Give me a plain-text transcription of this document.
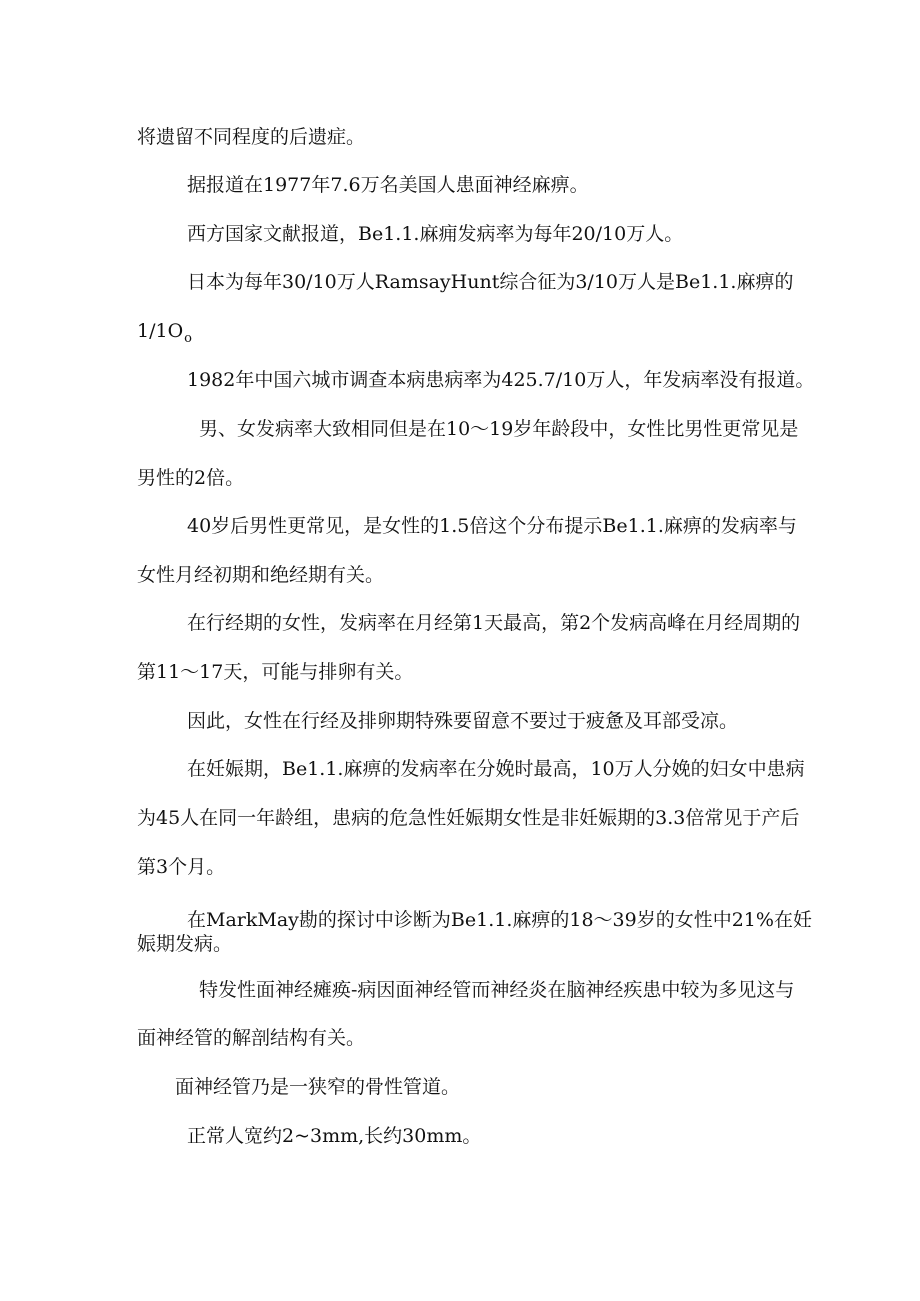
将遗留不同程度的后遗症。
据报道在1977年7.6万名美国人患面神经麻痹。
西方国家文献报道，Be1.1.麻痈发病率为每年20/10万人。
日本为每年30/10万人RamsayHunt综合征为3/10万人是Be1.1.麻痹的
$1/1O_o$
1982年中国六城市调查本病患病率为425.7/10万人，年发病率没有报道。
男、女发病率大致相同但是在10～19岁年龄段中，女性比男性更常见是
男性的2倍。
40岁后男性更常见，是女性的1.5倍这个分布提示Be1.1.麻痹的发病率与
女性月经初期和绝经期有关。
在行经期的女性，发病率在月经第1天最高，第2个发病高峰在月经周期的
第11～17天，可能与排卵有关。
因此，女性在行经及排卵期特殊要留意不要过于疲惫及耳部受凉。
在妊娠期，Be1.1.麻痹的发病率在分娩时最高，10万人分娩的妇女中患病
为45人在同一年龄组，患病的危急性妊娠期女性是非妊娠期的3.3倍常见于产后
第3个月。
在MarkMay勘的探讨中诊断为Be1.1.麻痹的18～39岁的女性中21%在妊
娠期发病。
特发性面神经瘫痪-病因面神经管而神经炎在脑神经疾患中较为多见这与
面神经管的解剖结构有关。
面神经管乃是一狭窄的骨性管道。
正常人宽约2~3mm,长约30mm。
